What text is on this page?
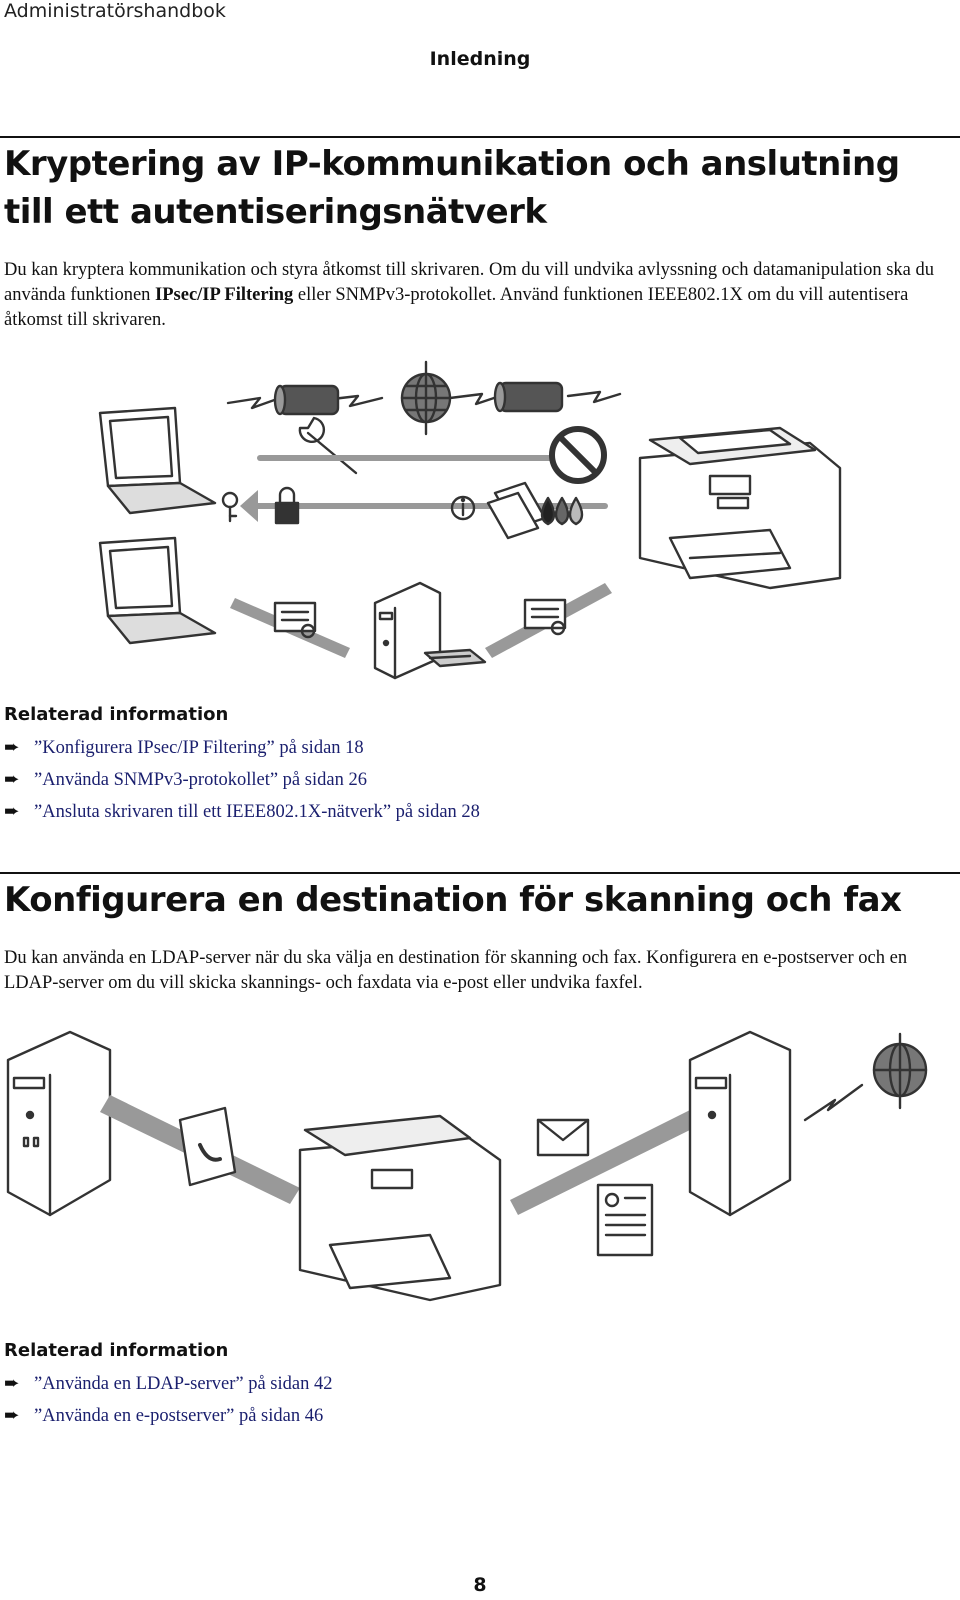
Administratörshandbok
Inledning
Kryptering av IP-kommunikation och anslutning till ett autentiseringsnätverk

Du kan kryptera kommunikation och styra åtkomst till skrivaren. Om du vill undvika avlyssning och datamanipulation ska du använda funktionen IPsec/IP Filtering eller SNMPv3-protokollet. Använd funktionen IEEE802.1X om du vill autentisera åtkomst till skrivaren.

Relaterad information
➨ ”Konfigurera IPsec/IP Filtering” på sidan 18
➨ ”Använda SNMPv3-protokollet” på sidan 26
➨ ”Ansluta skrivaren till ett IEEE802.1X-nätverk” på sidan 28
Konfigurera en destination för skanning och fax

Du kan använda en LDAP-server när du ska välja en destination för skanning och fax. Konfigurera en e-postserver och en LDAP-server om du vill skicka skannings- och faxdata via e-post eller undvika faxfel.

Relaterad information
➨ ”Använda en LDAP-server” på sidan 42
➨ ”Använda en e-postserver” på sidan 46
8
